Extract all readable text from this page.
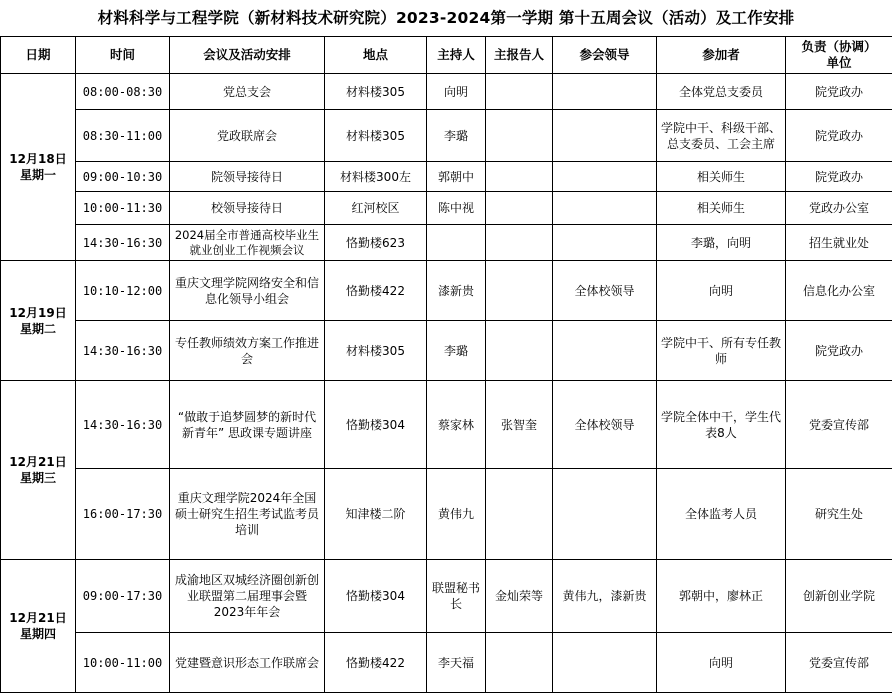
材料科学与工程学院（新材料技术研究院）2023-2024第一学期 第十五周会议（活动）及工作安排
日期	时间	会议及活动安排	地点	主持人	主报告人	参会领导	参加者	负责（协调）
单位
12月18日
星期一	08:00-08:30	党总支会	材料楼305	向明			全体党总支委员	院党政办
	08:30-11:00	党政联席会	材料楼305	李璐			学院中干、科级干部、总支委员、工会主席	院党政办
	09:00-10:30	院领导接待日	材料楼300左	郭朝中			相关师生	院党政办
	10:00-11:30	校领导接待日	红河校区	陈中视			相关师生	党政办公室
	14:30-16:30	2024届全市普通高校毕业生就业创业工作视频会议	恪勤楼623				李璐，向明	招生就业处
12月19日
星期二	10:10-12:00	重庆文理学院网络安全和信息化领导小组会	恪勤楼422	漆新贵		全体校领导	向明	信息化办公室
	14:30-16:30	专任教师绩效方案工作推进会	材料楼305	李璐			学院中干、所有专任教师	院党政办
12月21日
星期三	14:30-16:30	“做敢于追梦圆梦的新时代新青年” 思政课专题讲座	恪勤楼304	蔡家林	张智奎	全体校领导	学院全体中干，学生代表8人	党委宣传部
	16:00-17:30	重庆文理学院2024年全国硕士研究生招生考试监考员培训	知津楼二阶	黄伟九			全体监考人员	研究生处
12月21日
星期四	09:00-17:30	成渝地区双城经济圈创新创业联盟第二届理事会暨2023年年会	恪勤楼304	联盟秘书长	金灿荣等	黄伟九，漆新贵	郭朝中，廖林正	创新创业学院
	10:00-11:00	党建暨意识形态工作联席会	恪勤楼422	李天福			向明	党委宣传部
